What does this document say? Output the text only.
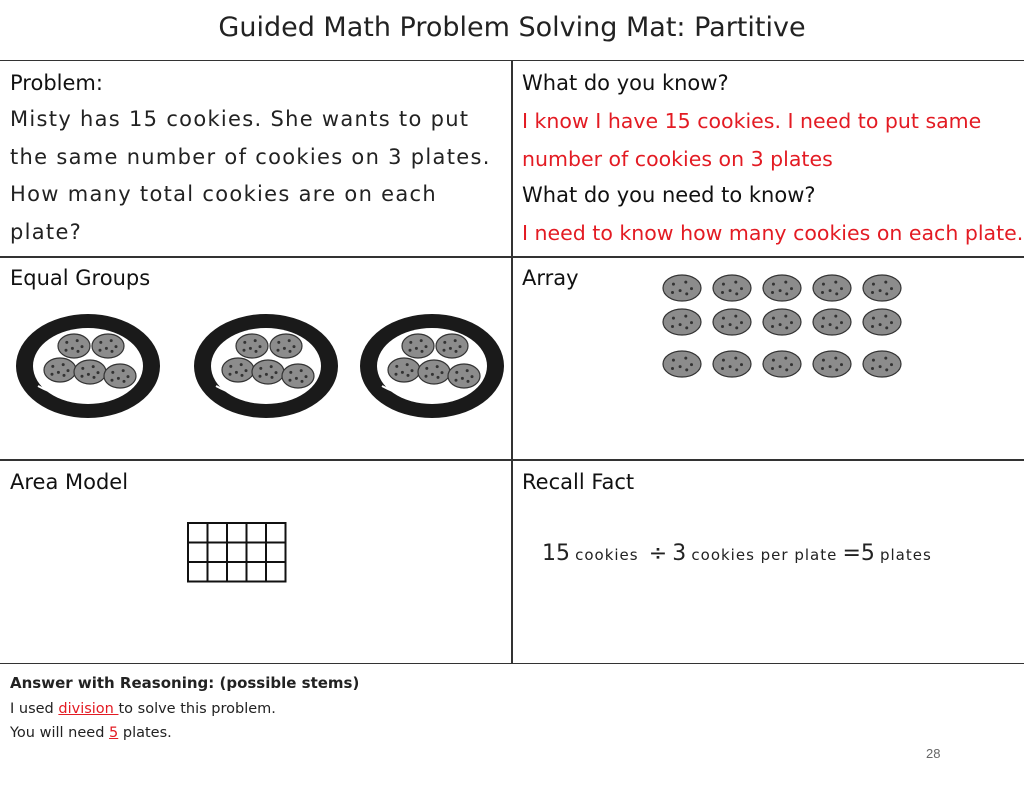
Guided Math Problem Solving Mat: Partitive
Problem:
Misty has 15 cookies. She wants to put the same number of cookies on 3 plates. How many total cookies are on each plate?
What do you know?
I know I have 15 cookies. I need to put same
number of cookies on 3 plates
What do you need to know?
I need to know how many cookies on each plate.
Equal Groups	Array
Area Model	Recall Fact
15 cookies ÷ 3 cookies per plate =5 plates
Answer with Reasoning: (possible stems)
I used division to solve this problem.
You will need 5 plates.
28
